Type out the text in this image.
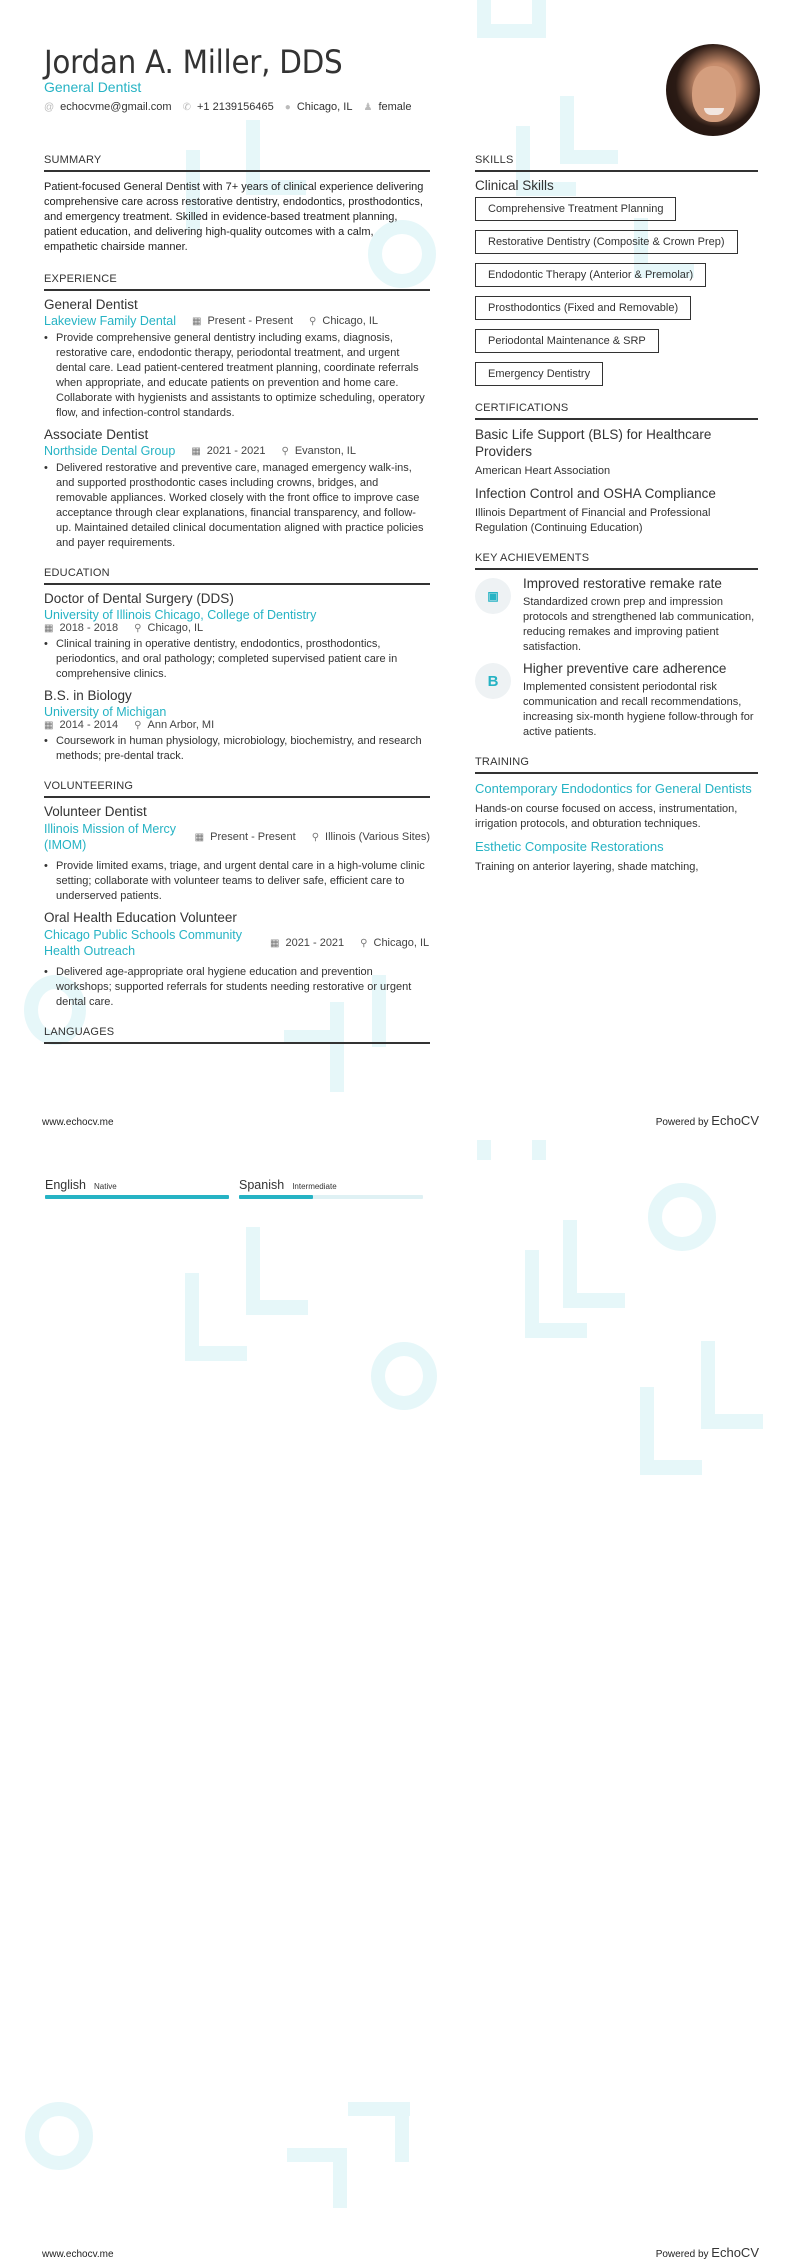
Jordan A. Miller, DDS
General Dentist
@ echocvme@gmail.com ✆ +1 2139156465 ● Chicago, IL ♟ female
SUMMARY
Patient-focused General Dentist with 7+ years of clinical experience delivering comprehensive care across restorative dentistry, endodontics, prosthodontics, and emergency treatment. Skilled in evidence-based treatment planning, patient education, and delivering high-quality outcomes with a calm, empathetic chairside manner.
EXPERIENCE
General Dentist
Lakeview Family Dental ▦ Present - Present ⚲ Chicago, IL
• Provide comprehensive general dentistry including exams, diagnosis, restorative care, endodontic therapy, periodontal treatment, and urgent dental care. Lead patient-centered treatment planning, coordinate referrals when appropriate, and educate patients on prevention and home care. Collaborate with hygienists and assistants to optimize scheduling, operatory flow, and infection-control standards.
Associate Dentist
Northside Dental Group ▦ 2021 - 2021 ⚲ Evanston, IL
• Delivered restorative and preventive care, managed emergency walk-ins, and supported prosthodontic cases including crowns, bridges, and removable appliances. Worked closely with the front office to improve case acceptance through clear explanations, financial transparency, and follow-up. Maintained detailed clinical documentation aligned with practice policies and payer requirements.
EDUCATION
Doctor of Dental Surgery (DDS)
University of Illinois Chicago, College of Dentistry
▦ 2018 - 2018 ⚲ Chicago, IL
• Clinical training in operative dentistry, endodontics, prosthodontics, periodontics, and oral pathology; completed supervised patient care in comprehensive clinics.
B.S. in Biology
University of Michigan
▦ 2014 - 2014 ⚲ Ann Arbor, MI
• Coursework in human physiology, microbiology, biochemistry, and research methods; pre-dental track.
VOLUNTEERING
Volunteer Dentist
Illinois Mission of Mercy (IMOM)
▦ Present - Present ⚲ Illinois (Various Sites)
• Provide limited exams, triage, and urgent dental care in a high-volume clinic setting; collaborate with volunteer teams to deliver safe, efficient care to underserved patients.
Oral Health Education Volunteer
Chicago Public Schools Community Health Outreach
▦ 2021 - 2021 ⚲ Chicago, IL
• Delivered age-appropriate oral hygiene education and prevention workshops; supported referrals for students needing restorative or urgent dental care.
LANGUAGES
SKILLS
Clinical Skills
Comprehensive Treatment Planning
Restorative Dentistry (Composite & Crown Prep)
Endodontic Therapy (Anterior & Premolar)
Prosthodontics (Fixed and Removable)
Periodontal Maintenance & SRP
Emergency Dentistry
CERTIFICATIONS
Basic Life Support (BLS) for Healthcare Providers
American Heart Association
Infection Control and OSHA Compliance
Illinois Department of Financial and Professional Regulation (Continuing Education)
KEY ACHIEVEMENTS
▣
Improved restorative remake rate
Standardized crown prep and impression protocols and strengthened lab communication, reducing remakes and improving patient satisfaction.
B
Higher preventive care adherence
Implemented consistent periodontal risk communication and recall recommendations, increasing six-month hygiene follow-through for active patients.
TRAINING
Contemporary Endodontics for General Dentists
Hands-on course focused on access, instrumentation, irrigation protocols, and obturation techniques.
Esthetic Composite Restorations
Training on anterior layering, shade matching,
www.echocv.me	Powered by EchoCV
English Native	Spanish Intermediate
www.echocv.me	Powered by EchoCV
